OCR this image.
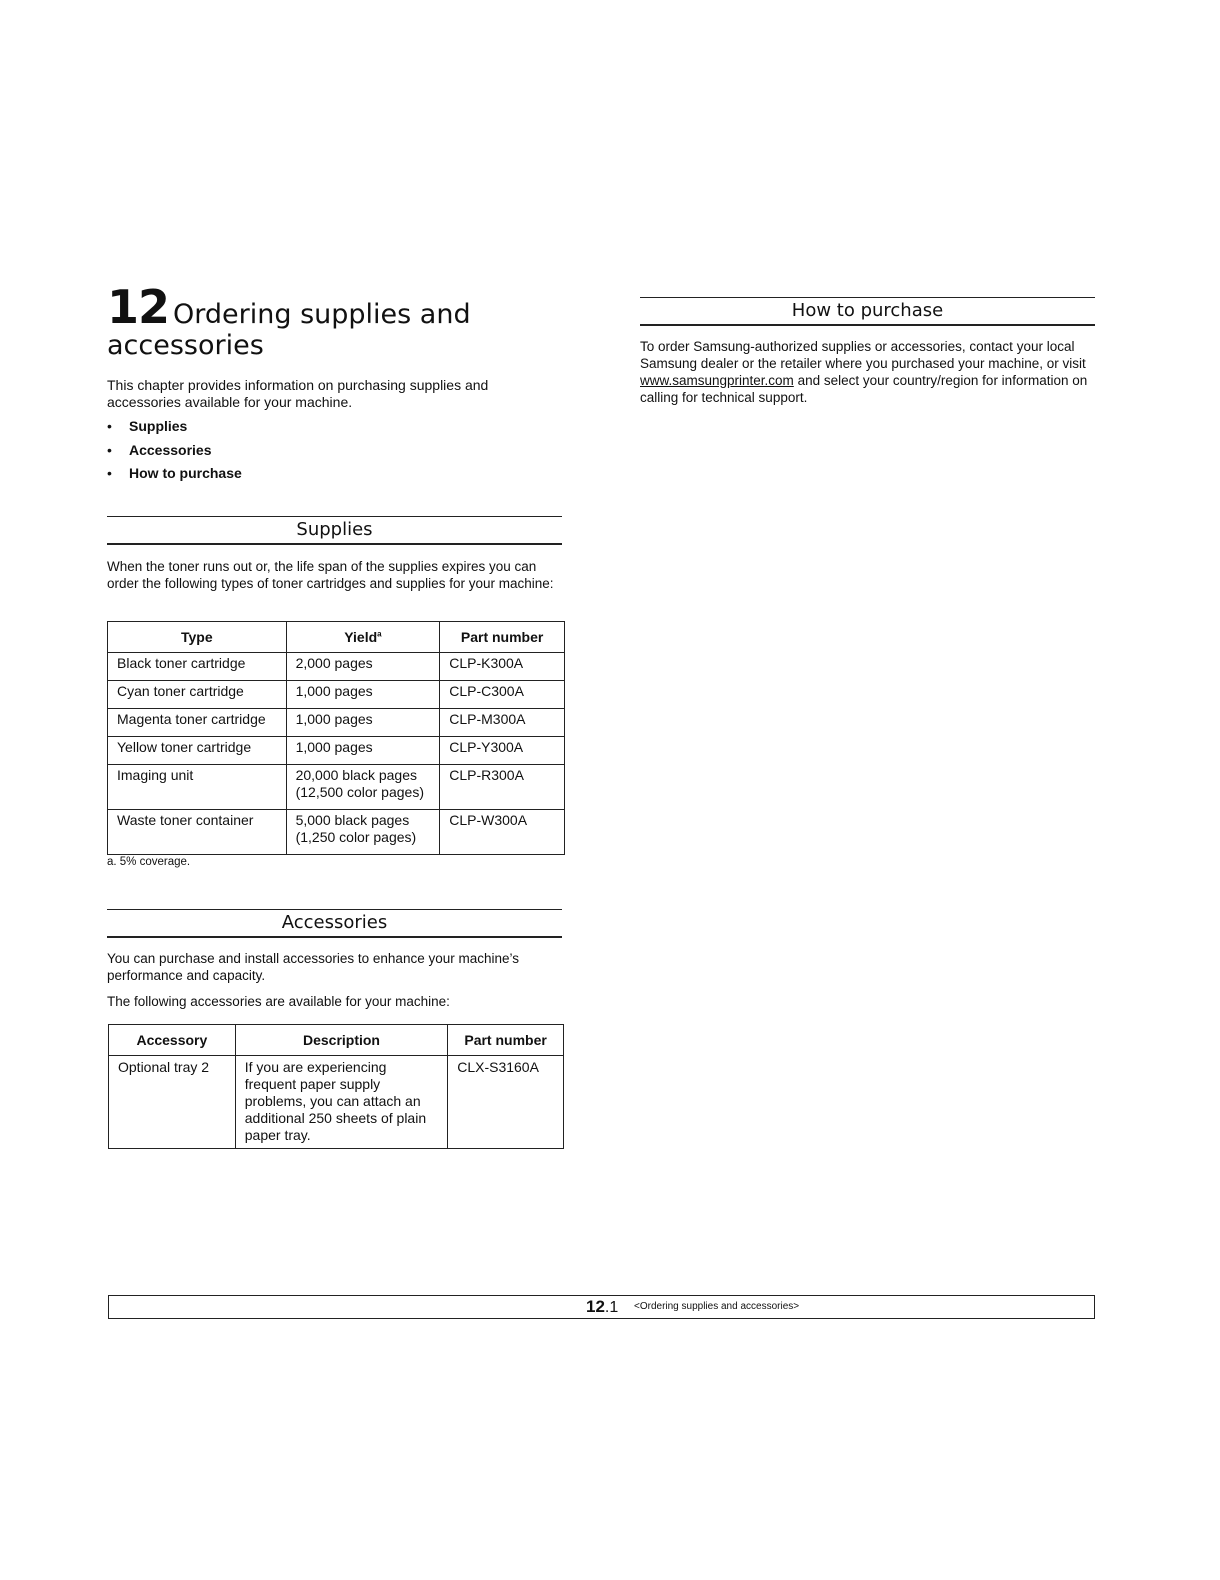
12 Ordering supplies and
accessories
This chapter provides information on purchasing supplies and accessories available for your machine.
• Supplies
• Accessories
• How to purchase
Supplies
When the toner runs out or, the life span of the supplies expires you can order the following types of toner cartridges and supplies for your machine:
Type	Yield$^a$	Part number
Black toner cartridge	2,000 pages	CLP-K300A
Cyan toner cartridge	1,000 pages	CLP-C300A
Magenta toner cartridge	1,000 pages	CLP-M300A
Yellow toner cartridge	1,000 pages	CLP-Y300A
Imaging unit	20,000 black pages (12,500 color pages)	CLP-R300A
Waste toner container	5,000 black pages (1,250 color pages)	CLP-W300A
a. 5% coverage.
Accessories
You can purchase and install accessories to enhance your machine’s performance and capacity.
The following accessories are available for your machine:
Accessory	Description	Part number
Optional tray 2	If you are experiencing frequent paper supply problems, you can attach an additional 250 sheets of plain paper tray.	CLX-S3160A
How to purchase
To order Samsung-authorized supplies or accessories, contact your local Samsung dealer or the retailer where you purchased your machine, or visit www.samsungprinter.com and select your country/region for information on calling for technical support.
12.1 <Ordering supplies and accessories>
